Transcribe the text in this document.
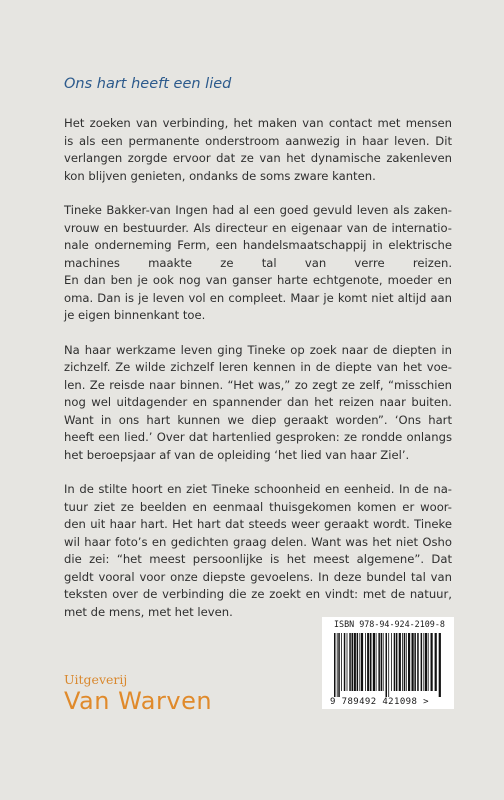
Ons hart heeft een lied

Het zoeken van verbinding, het maken van contact met mensen
is als een permanente onderstroom aanwezig in haar leven. Dit
verlangen zorgde ervoor dat ze van het dynamische zakenleven
kon blijven genieten, ondanks de soms zware kanten.

Tineke Bakker-van Ingen had al een goed gevuld leven als zaken-
vrouw en bestuurder. Als directeur en eigenaar van de internatio-
nale onderneming Ferm, een handelsmaatschappij in elektrische
machines maakte ze tal van verre reizen.
En dan ben je ook nog van ganser harte echtgenote, moeder en
oma. Dan is je leven vol en compleet. Maar je komt niet altijd aan
je eigen binnenkant toe.

Na haar werkzame leven ging Tineke op zoek naar de diepten in
zichzelf. Ze wilde zichzelf leren kennen in de diepte van het voe-
len. Ze reisde naar binnen. “Het was,” zo zegt ze zelf, “misschien
nog wel uitdagender en spannender dan het reizen naar buiten.
Want in ons hart kunnen we diep geraakt worden”. ‘Ons hart
heeft een lied.’ Over dat hartenlied gesproken: ze rondde onlangs
het beroepsjaar af van de opleiding ‘het lied van haar Ziel’.

In de stilte hoort en ziet Tineke schoonheid en eenheid. In de na-
tuur ziet ze beelden en eenmaal thuisgekomen komen er woor-
den uit haar hart. Het hart dat steeds weer geraakt wordt. Tineke
wil haar foto’s en gedichten graag delen. Want was het niet Osho
die zei: “het meest persoonlijke is het meest algemene”. Dat
geldt vooral voor onze diepste gevoelens. In deze bundel tal van
teksten over de verbinding die ze zoekt en vindt: met de natuur,
met de mens, met het leven.

ISBN 978-94-924-2109-8
9 789492 421098 >
Uitgeverij
Van Warven
